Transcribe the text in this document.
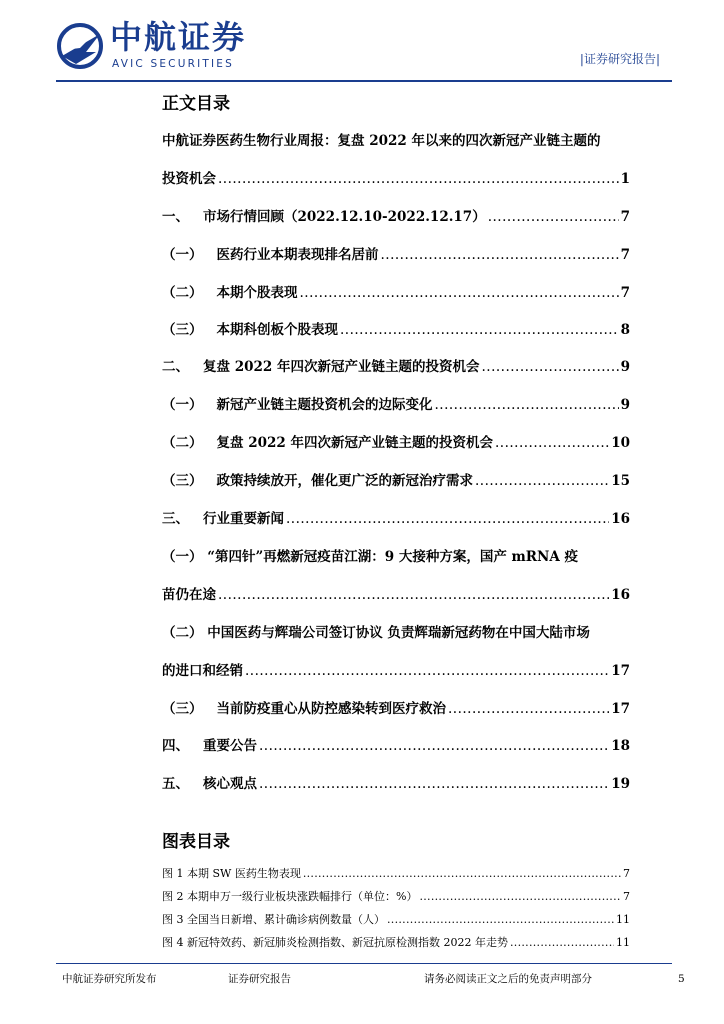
中航证券
AVIC SECURITIES	|证券研究报告|
正文目录
中航证券医药生物行业周报：复盘 2022 年以来的四次新冠产业链主题的
投资机会 .....	1
一、 市场行情回顾（2022.12.10-2022.12.17） .....	7
（一） 医药行业本期表现排名居前 .....	7
（二） 本期个股表现 .....	7
（三） 本期科创板个股表现 .....	8
二、 复盘 2022 年四次新冠产业链主题的投资机会 .....	9
（一） 新冠产业链主题投资机会的边际变化 .....	9
（二） 复盘 2022 年四次新冠产业链主题的投资机会 .....	10
（三） 政策持续放开，催化更广泛的新冠治疗需求 .....	15
三、 行业重要新闻 .....	16
（一） “第四针”再燃新冠疫苗江湖：9 大接种方案，国产 mRNA 疫
苗仍在途 .....	16
（二） 中国医药与辉瑞公司签订协议 负责辉瑞新冠药物在中国大陆市场
的进口和经销 .....	17
（三） 当前防疫重心从防控感染转到医疗救治 .....	17
四、 重要公告 .....	18
五、 核心观点 .....	19
图表目录
图 1 本期 SW 医药生物表现 .....	7
图 2 本期申万一级行业板块涨跌幅排行（单位：%） .....	7
图 3 全国当日新增、累计确诊病例数量（人） .....	11
图 4 新冠特效药、新冠肺炎检测指数、新冠抗原检测指数 2022 年走势 .....	11
中航证券研究所发布	证券研究报告	请务必阅读正文之后的免责声明部分	5
